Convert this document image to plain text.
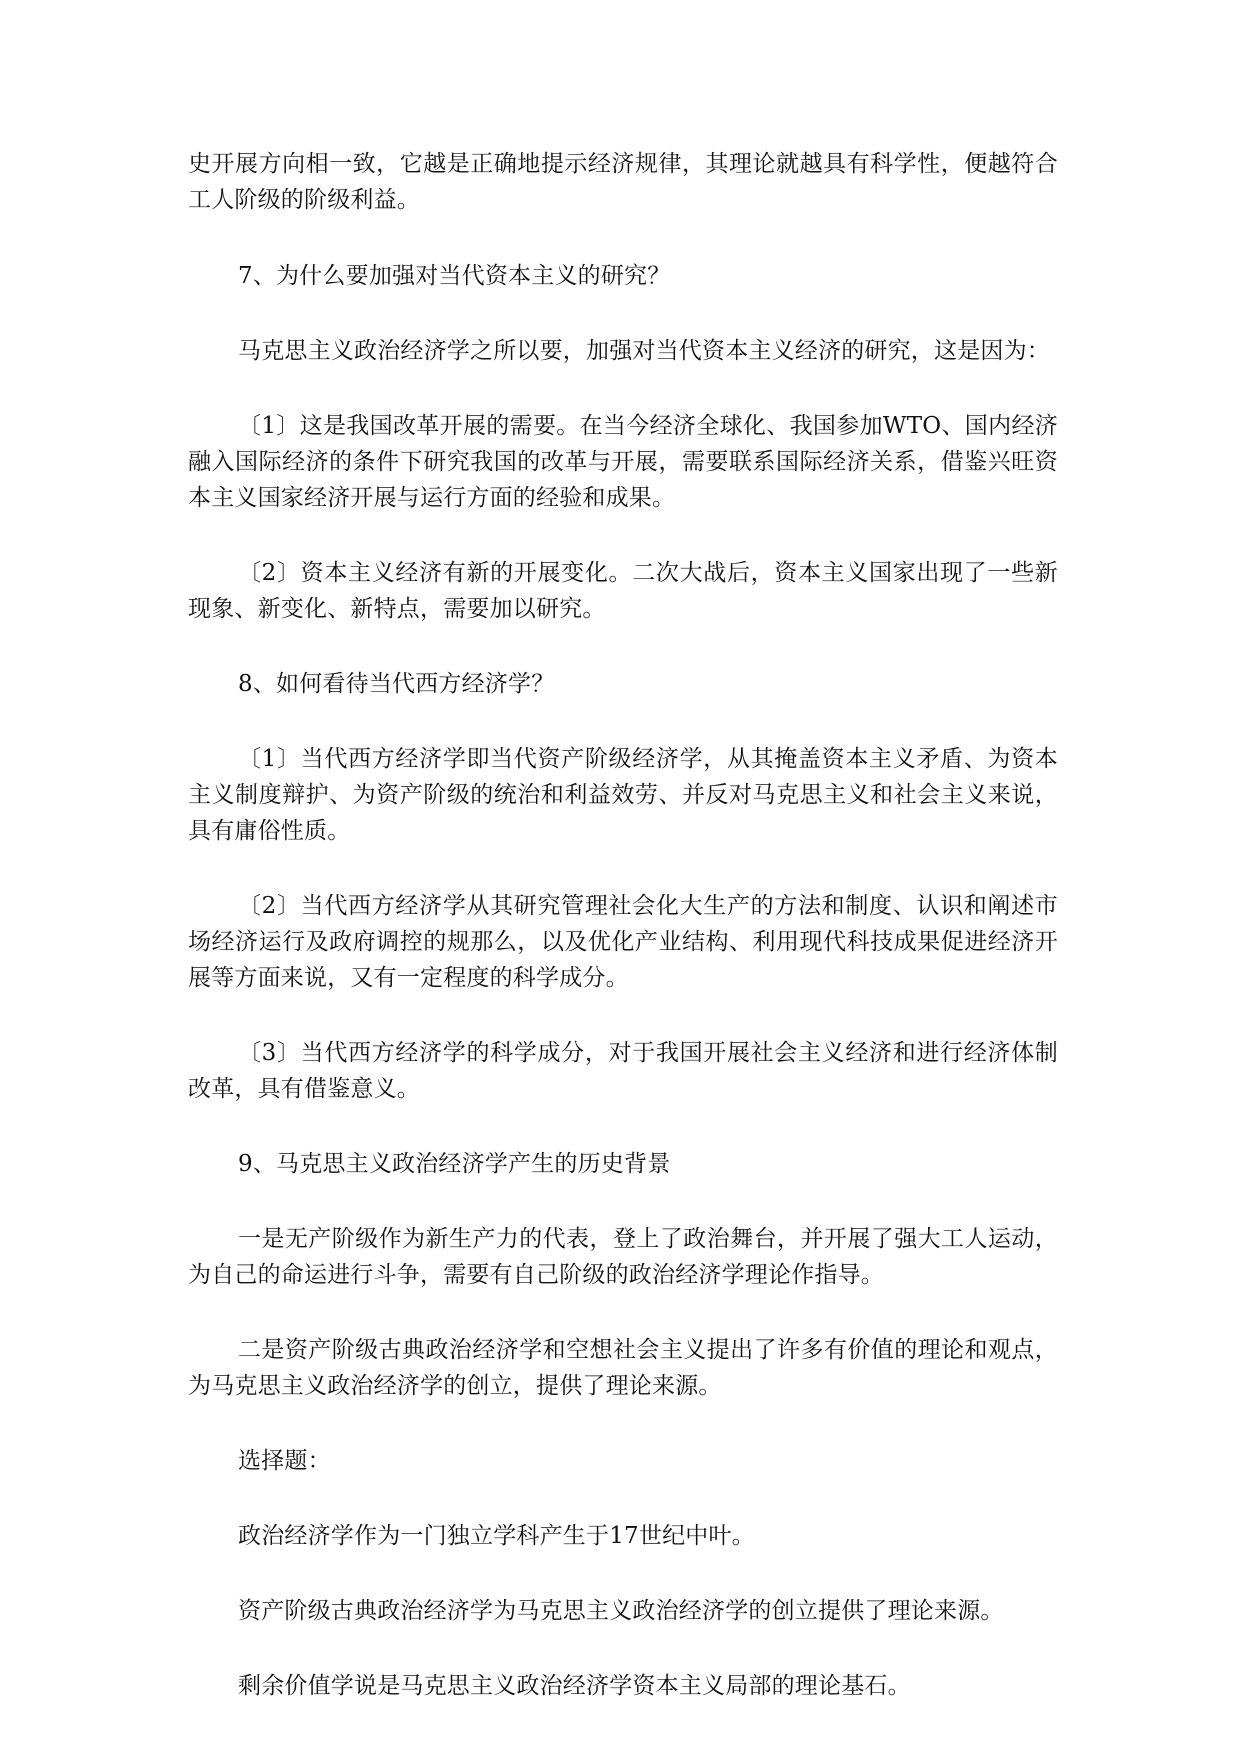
史开展方向相一致，它越是正确地提示经济规律，其理论就越具有科学性，便越符合工人阶级的阶级利益。

7、为什么要加强对当代资本主义的研究？

马克思主义政治经济学之所以要，加强对当代资本主义经济的研究，这是因为：

〔1〕这是我国改革开展的需要。在当今经济全球化、我国参加WTO、国内经济融入国际经济的条件下研究我国的改革与开展，需要联系国际经济关系，借鉴兴旺资本主义国家经济开展与运行方面的经验和成果。

〔2〕资本主义经济有新的开展变化。二次大战后，资本主义国家出现了一些新现象、新变化、新特点，需要加以研究。

8、如何看待当代西方经济学？

〔1〕当代西方经济学即当代资产阶级经济学，从其掩盖资本主义矛盾、为资本主义制度辩护、为资产阶级的统治和利益效劳、并反对马克思主义和社会主义来说，具有庸俗性质。

〔2〕当代西方经济学从其研究管理社会化大生产的方法和制度、认识和阐述市场经济运行及政府调控的规那么，以及优化产业结构、利用现代科技成果促进经济开展等方面来说，又有一定程度的科学成分。

〔3〕当代西方经济学的科学成分，对于我国开展社会主义经济和进行经济体制改革，具有借鉴意义。

9、马克思主义政治经济学产生的历史背景

一是无产阶级作为新生产力的代表，登上了政治舞台，并开展了强大工人运动， 为自己的命运进行斗争，需要有自己阶级的政治经济学理论作指导。

二是资产阶级古典政治经济学和空想社会主义提出了许多有价值的理论和观点，为马克思主义政治经济学的创立，提供了理论来源。

选择题：

政治经济学作为一门独立学科产生于17世纪中叶。

资产阶级古典政治经济学为马克思主义政治经济学的创立提供了理论来源。

剩余价值学说是马克思主义政治经济学资本主义局部的理论基石。
